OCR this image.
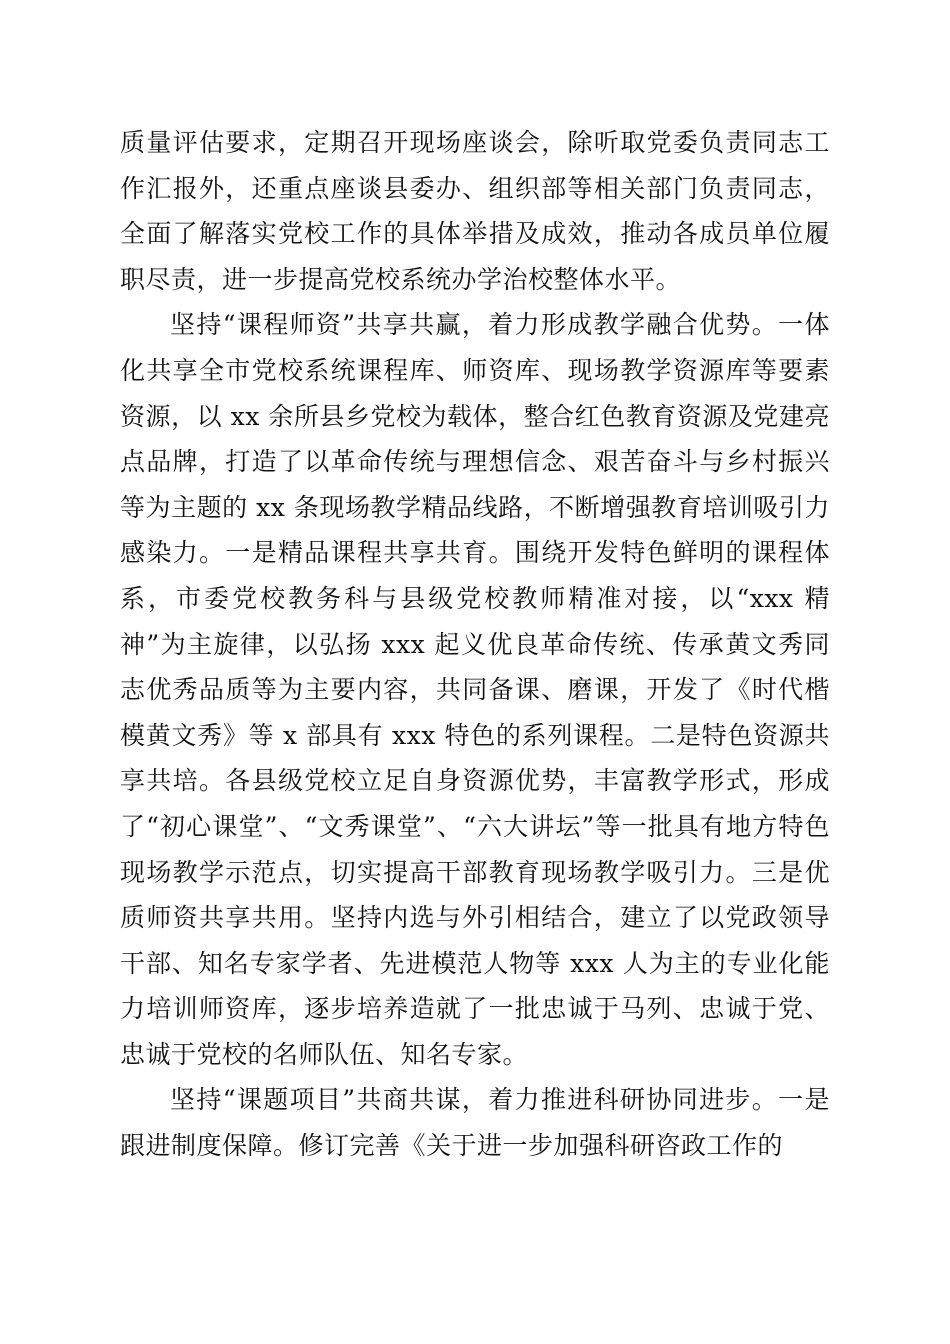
质量评估要求，定期召开现场座谈会，除听取党委负责同志工作汇报外，还重点座谈县委办、组织部等相关部门负责同志，全面了解落实党校工作的具体举措及成效，推动各成员单位履职尽责，进一步提高党校系统办学治校整体水平。

坚持“课程师资”共享共赢，着力形成教学融合优势。一体化共享全市党校系统课程库、师资库、现场教学资源库等要素资源，以 xx 余所县乡党校为载体，整合红色教育资源及党建亮点品牌，打造了以革命传统与理想信念、艰苦奋斗与乡村振兴等为主题的 xx 条现场教学精品线路，不断增强教育培训吸引力感染力。一是精品课程共享共育。围绕开发特色鲜明的课程体系，市委党校教务科与县级党校教师精准对接，以“xxx 精神”为主旋律，以弘扬 xxx 起义优良革命传统、传承黄文秀同志优秀品质等为主要内容，共同备课、磨课，开发了《时代楷模黄文秀》等 x 部具有 xxx 特色的系列课程。二是特色资源共享共培。各县级党校立足自身资源优势，丰富教学形式，形成了“初心课堂”、“文秀课堂”、“六大讲坛”等一批具有地方特色现场教学示范点，切实提高干部教育现场教学吸引力。三是优质师资共享共用。坚持内选与外引相结合，建立了以党政领导干部、知名专家学者、先进模范人物等 xxx 人为主的专业化能力培训师资库，逐步培养造就了一批忠诚于马列、忠诚于党、忠诚于党校的名师队伍、知名专家。

坚持“课题项目”共商共谋，着力推进科研协同进步。一是跟进制度保障。修订完善《关于进一步加强科研咨政工作的
